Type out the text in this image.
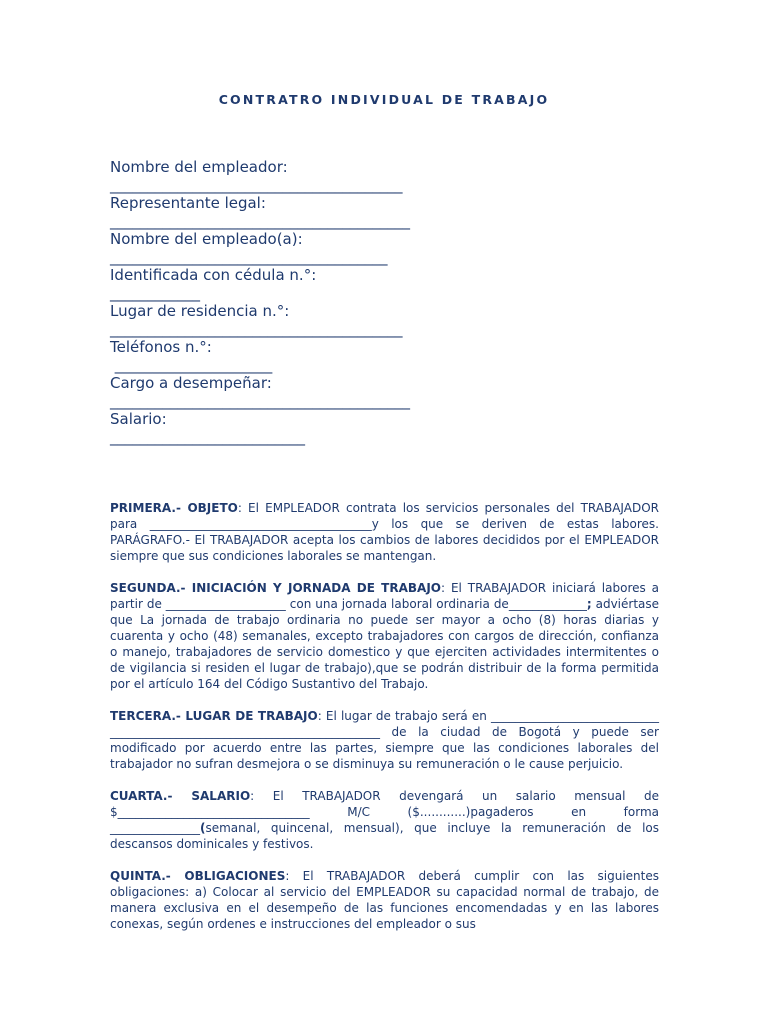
CONTRATRO INDIVIDUAL DE TRABAJO
Nombre del empleador:
_______________________________________
Representante legal:
________________________________________
Nombre del empleado(a):
_____________________________________
Identificada con cédula n.°:
____________
Lugar de residencia n.°:
_______________________________________
Teléfonos n.°:
_____________________
Cargo a desempeñar:
________________________________________
Salario:
__________________________

PRIMERA.- OBJETO: El EMPLEADOR contrata los servicios personales del TRABAJADOR para _____________________________________y los que se deriven de estas labores. PARÁGRAFO.- El TRABAJADOR acepta los cambios de labores decididos por el EMPLEADOR siempre que sus condiciones laborales se mantengan.

SEGUNDA.- INICIACIÓN Y JORNADA DE TRABAJO: El TRABAJADOR iniciará labores a partir de ____________________ con una jornada laboral ordinaria de_____________; adviértase que La jornada de trabajo ordinaria no puede ser mayor a ocho (8) horas diarias y cuarenta y ocho (48) semanales, excepto trabajadores con cargos de dirección, confianza o manejo, trabajadores de servicio domestico y que ejerciten actividades intermitentes o de vigilancia si residen el lugar de trabajo),que se podrán distribuir de la forma permitida por el artículo 164 del Código Sustantivo del Trabajo.

TERCERA.- LUGAR DE TRABAJO: El lugar de trabajo será en _________________________________________________________________________ de la ciudad de Bogotá y puede ser modificado por acuerdo entre las partes, siempre que las condiciones laborales del trabajador no sufran desmejora o se disminuya su remuneración o le cause perjuicio.

CUARTA.- SALARIO: El TRABAJADOR devengará un salario mensual de $________________________________ M/C ($............)pagaderos en forma _______________(semanal, quincenal, mensual), que incluye la remuneración de los descansos dominicales y festivos.

QUINTA.- OBLIGACIONES: El TRABAJADOR deberá cumplir con las siguientes obligaciones: a) Colocar al servicio del EMPLEADOR su capacidad normal de trabajo, de manera exclusiva en el desempeño de las funciones encomendadas y en las labores conexas, según ordenes e instrucciones del empleador o sus
